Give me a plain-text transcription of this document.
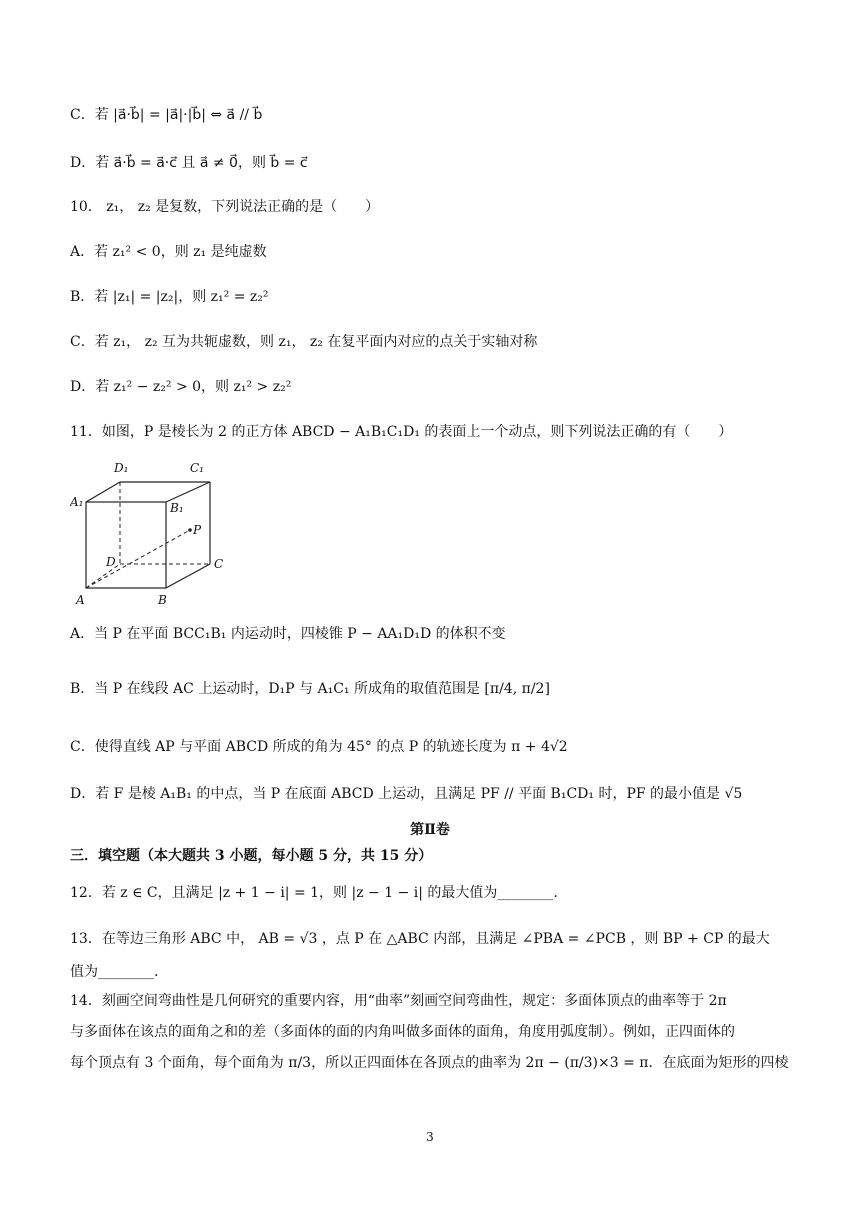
C．若 |a⃗·b⃗| = |a⃗|·|b⃗| ⇔ a⃗ // b⃗
D．若 a⃗·b⃗ = a⃗·c⃗ 且 a⃗ ≠ 0⃗，则 b⃗ = c⃗
10． z₁， z₂ 是复数，下列说法正确的是（　　）
A．若 z₁² < 0，则 z₁ 是纯虚数
B．若 |z₁| = |z₂|，则 z₁² = z₂²
C．若 z₁， z₂ 互为共轭虚数，则 z₁， z₂ 在复平面内对应的点关于实轴对称
D．若 z₁² − z₂² > 0，则 z₁² > z₂²
11．如图，P 是棱长为 2 的正方体 ABCD − A₁B₁C₁D₁ 的表面上一个动点，则下列说法正确的有（　　）
D₁	C₁
A₁	B₁
P
D	C
A	B
A．当 P 在平面 BCC₁B₁ 内运动时，四棱锥 P − AA₁D₁D 的体积不变
B．当 P 在线段 AC 上运动时，D₁P 与 A₁C₁ 所成角的取值范围是 [π/4, π/2]
C．使得直线 AP 与平面 ABCD 所成的角为 45° 的点 P 的轨迹长度为 π + 4√2
D．若 F 是棱 A₁B₁ 的中点，当 P 在底面 ABCD 上运动，且满足 PF // 平面 B₁CD₁ 时，PF 的最小值是 √5
第Ⅱ卷
三．填空题（本大题共 3 小题，每小题 5 分，共 15 分）
12．若 z ∈ C，且满足 |z + 1 − i| = 1，则 |z − 1 − i| 的最大值为________.
13．在等边三角形 ABC 中， AB = √3 ，点 P 在 △ABC 内部，且满足 ∠PBA = ∠PCB ，则 BP + CP 的最大
值为________.
14．刻画空间弯曲性是几何研究的重要内容，用“曲率”刻画空间弯曲性，规定：多面体顶点的曲率等于 2π
与多面体在该点的面角之和的差（多面体的面的内角叫做多面体的面角，角度用弧度制）。例如，正四面体的
每个顶点有 3 个面角，每个面角为 π/3，所以正四面体在各顶点的曲率为 2π − (π/3)×3 = π．在底面为矩形的四棱
3
